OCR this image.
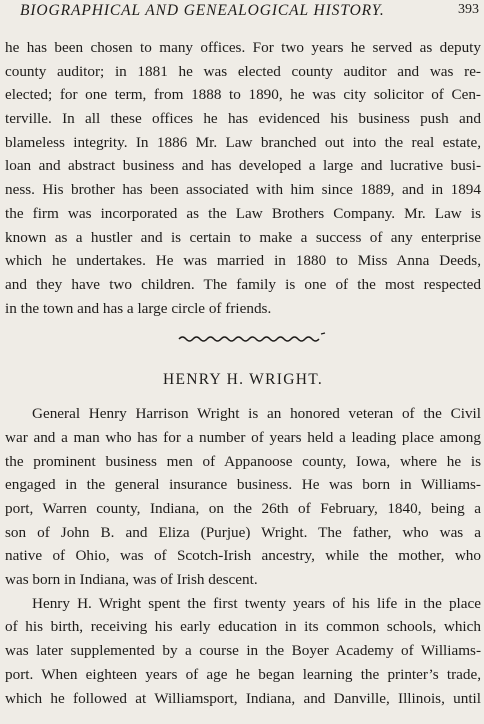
BIOGRAPHICAL AND GENEALOGICAL HISTORY.	393
he has been chosen to many offices. For two years he served as deputy
county auditor; in 1881 he was elected county auditor and was re-
elected; for one term, from 1888 to 1890, he was city solicitor of Cen-
terville. In all these offices he has evidenced his business push and
blameless integrity. In 1886 Mr. Law branched out into the real estate,
loan and abstract business and has developed a large and lucrative busi-
ness. His brother has been associated with him since 1889, and in 1894
the firm was incorporated as the Law Brothers Company. Mr. Law is
known as a hustler and is certain to make a success of any enterprise
which he undertakes. He was married in 1880 to Miss Anna Deeds,
and they have two children. The family is one of the most respected
in the town and has a large circle of friends.
HENRY H. WRIGHT.
General Henry Harrison Wright is an honored veteran of the Civil
war and a man who has for a number of years held a leading place among
the prominent business men of Appanoose county, Iowa, where he is
engaged in the general insurance business. He was born in Williams-
port, Warren county, Indiana, on the 26th of February, 1840, being a
son of John B. and Eliza (Purjue) Wright. The father, who was a
native of Ohio, was of Scotch-Irish ancestry, while the mother, who
was born in Indiana, was of Irish descent.
Henry H. Wright spent the first twenty years of his life in the place
of his birth, receiving his early education in its common schools, which
was later supplemented by a course in the Boyer Academy of Williams-
port. When eighteen years of age he began learning the printer’s trade,
which he followed at Williamsport, Indiana, and Danville, Illinois, until
